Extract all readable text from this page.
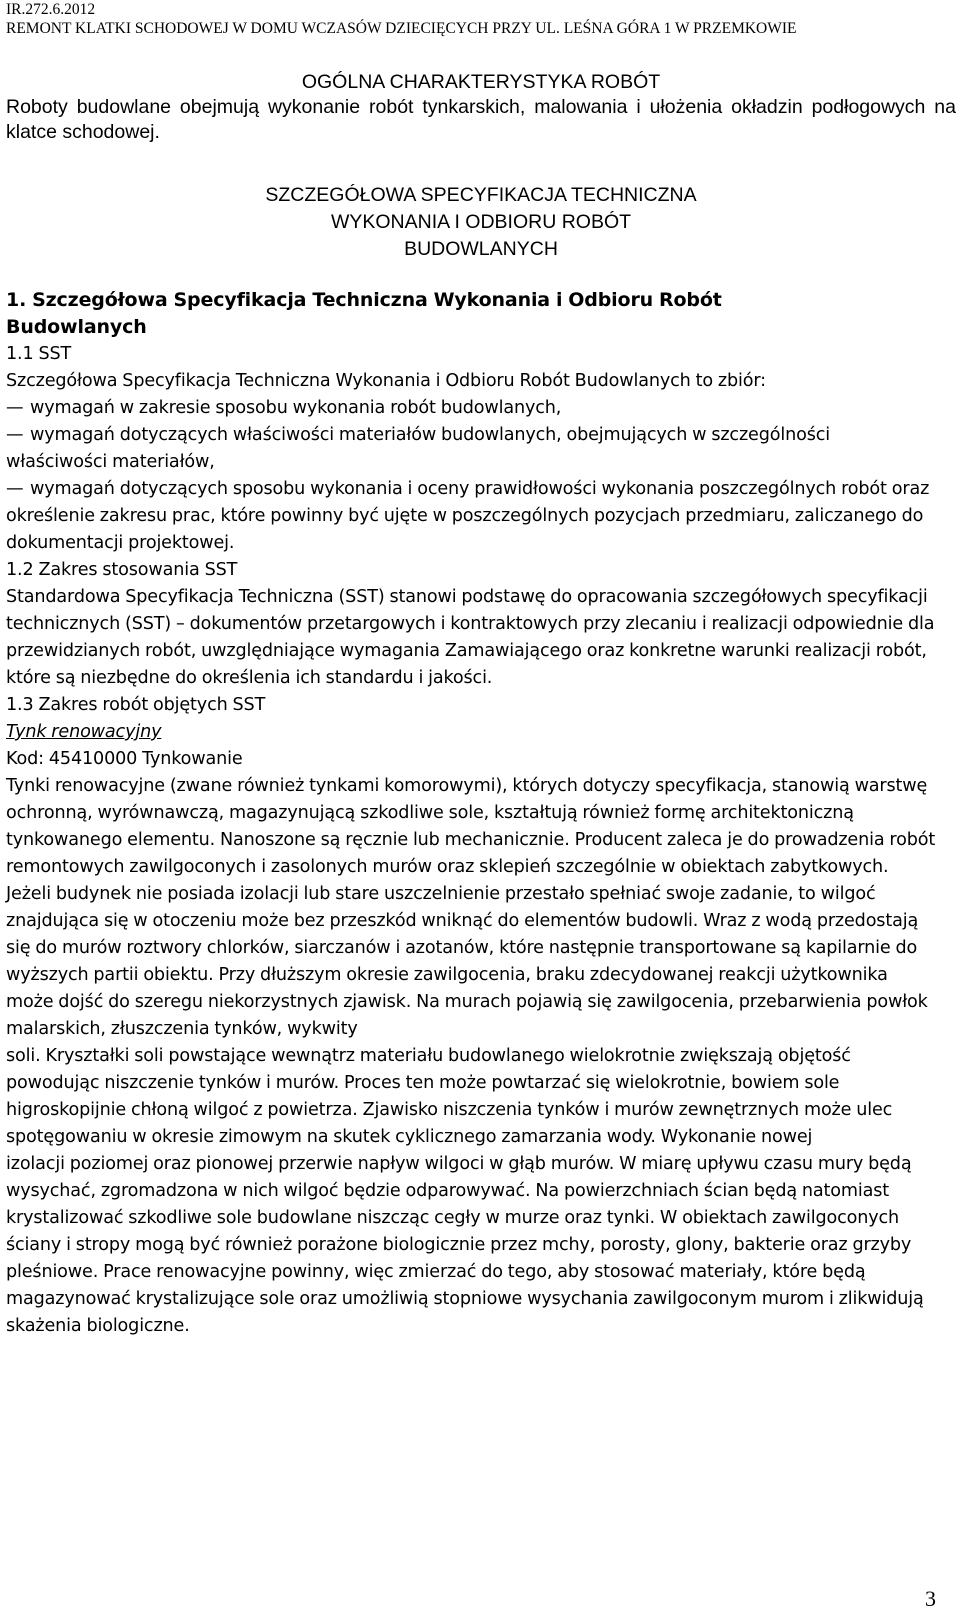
IR.272.6.2012
REMONT KLATKI SCHODOWEJ W DOMU WCZASÓW DZIECIĘCYCH PRZY UL. LEŚNA GÓRA 1 W PRZEMKOWIE
OGÓLNA CHARAKTERYSTYKA ROBÓT
Roboty budowlane obejmują wykonanie robót tynkarskich, malowania i ułożenia okładzin podłogowych na klatce schodowej.
SZCZEGÓŁOWA SPECYFIKACJA TECHNICZNA
WYKONANIA I ODBIORU ROBÓT
BUDOWLANYCH

1. Szczegółowa Specyfikacja Techniczna Wykonania i Odbioru Robót Budowlanych

1.1 SST

Szczegółowa Specyfikacja Techniczna Wykonania i Odbioru Robót Budowlanych to zbiór:

— wymagań w zakresie sposobu wykonania robót budowlanych,

— wymagań dotyczących właściwości materiałów budowlanych, obejmujących w szczególności właściwości materiałów,

— wymagań dotyczących sposobu wykonania i oceny prawidłowości wykonania poszczególnych robót oraz określenie zakresu prac, które powinny być ujęte w poszczególnych pozycjach przedmiaru, zaliczanego do dokumentacji projektowej.

1.2 Zakres stosowania SST

Standardowa Specyfikacja Techniczna (SST) stanowi podstawę do opracowania szczegółowych specyfikacji technicznych (SST) – dokumentów przetargowych i kontraktowych przy zlecaniu i realizacji odpowiednie dla przewidzianych robót, uwzględniające wymagania Zamawiającego oraz konkretne warunki realizacji robót, które są niezbędne do określenia ich standardu i jakości.

1.3 Zakres robót objętych SST

Tynk renowacyjny

Kod: 45410000 Tynkowanie

Tynki renowacyjne (zwane również tynkami komorowymi), których dotyczy specyfikacja, stanowią warstwę ochronną, wyrównawczą, magazynującą szkodliwe sole, kształtują również formę architektoniczną tynkowanego elementu. Nanoszone są ręcznie lub mechanicznie. Producent zaleca je do prowadzenia robót remontowych zawilgoconych i zasolonych murów oraz sklepień szczególnie w obiektach zabytkowych.

Jeżeli budynek nie posiada izolacji lub stare uszczelnienie przestało spełniać swoje zadanie, to wilgoć znajdująca się w otoczeniu może bez przeszkód wniknąć do elementów budowli. Wraz z wodą przedostają się do murów roztwory chlorków, siarczanów i azotanów, które następnie transportowane są kapilarnie do wyższych partii obiektu. Przy dłuższym okresie zawilgocenia, braku zdecydowanej reakcji użytkownika może dojść do szeregu niekorzystnych zjawisk. Na murach pojawią się zawilgocenia, przebarwienia powłok malarskich, złuszczenia tynków, wykwity

soli. Kryształki soli powstające wewnątrz materiału budowlanego wielokrotnie zwiększają objętość powodując niszczenie tynków i murów. Proces ten może powtarzać się wielokrotnie, bowiem sole higroskopijnie chłoną wilgoć z powietrza. Zjawisko niszczenia tynków i murów zewnętrznych może ulec spotęgowaniu w okresie zimowym na skutek cyklicznego zamarzania wody. Wykonanie nowej

izolacji poziomej oraz pionowej przerwie napływ wilgoci w głąb murów. W miarę upływu czasu mury będą wysychać, zgromadzona w nich wilgoć będzie odparowywać. Na powierzchniach ścian będą natomiast krystalizować szkodliwe sole budowlane niszcząc cegły w murze oraz tynki. W obiektach zawilgoconych ściany i stropy mogą być również porażone biologicznie przez mchy, porosty, glony, bakterie oraz grzyby pleśniowe. Prace renowacyjne powinny, więc zmierzać do tego, aby stosować materiały, które będą magazynować krystalizujące sole oraz umożliwią stopniowe wysychania zawilgoconym murom i zlikwidują skażenia biologiczne.

3
